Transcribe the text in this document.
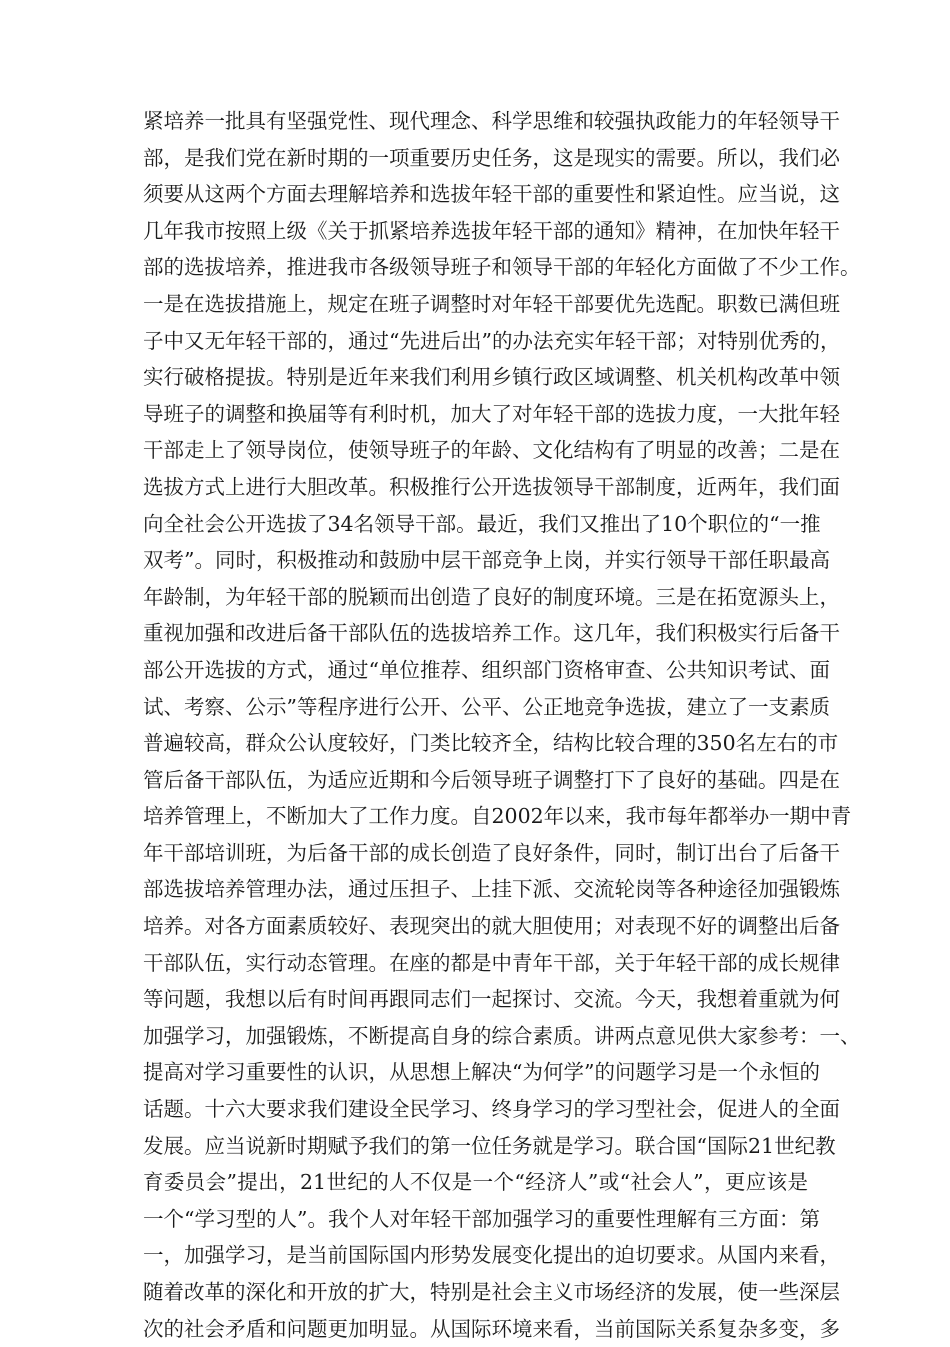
紧培养一批具有坚强党性、现代理念、科学思维和较强执政能力的年轻领导干
部，是我们党在新时期的一项重要历史任务，这是现实的需要。所以，我们必
须要从这两个方面去理解培养和选拔年轻干部的重要性和紧迫性。应当说，这
几年我市按照上级《关于抓紧培养选拔年轻干部的通知》精神，在加快年轻干
部的选拔培养，推进我市各级领导班子和领导干部的年轻化方面做了不少工作。
一是在选拔措施上，规定在班子调整时对年轻干部要优先选配。职数已满但班
子中又无年轻干部的，通过“先进后出”的办法充实年轻干部；对特别优秀的，
实行破格提拔。特别是近年来我们利用乡镇行政区域调整、机关机构改革中领
导班子的调整和换届等有利时机，加大了对年轻干部的选拔力度，一大批年轻
干部走上了领导岗位，使领导班子的年龄、文化结构有了明显的改善；二是在
选拔方式上进行大胆改革。积极推行公开选拔领导干部制度，近两年，我们面
向全社会公开选拔了34名领导干部。最近，我们又推出了10个职位的“一推
双考”。同时，积极推动和鼓励中层干部竞争上岗，并实行领导干部任职最高
年龄制，为年轻干部的脱颖而出创造了良好的制度环境。三是在拓宽源头上，
重视加强和改进后备干部队伍的选拔培养工作。这几年，我们积极实行后备干
部公开选拔的方式，通过“单位推荐、组织部门资格审查、公共知识考试、面
试、考察、公示”等程序进行公开、公平、公正地竞争选拔，建立了一支素质
普遍较高，群众公认度较好，门类比较齐全，结构比较合理的350名左右的市
管后备干部队伍，为适应近期和今后领导班子调整打下了良好的基础。四是在
培养管理上，不断加大了工作力度。自2002年以来，我市每年都举办一期中青
年干部培训班，为后备干部的成长创造了良好条件，同时，制订出台了后备干
部选拔培养管理办法，通过压担子、上挂下派、交流轮岗等各种途径加强锻炼
培养。对各方面素质较好、表现突出的就大胆使用；对表现不好的调整出后备
干部队伍，实行动态管理。在座的都是中青年干部，关于年轻干部的成长规律
等问题，我想以后有时间再跟同志们一起探讨、交流。今天，我想着重就为何
加强学习，加强锻炼，不断提高自身的综合素质。讲两点意见供大家参考：一、
提高对学习重要性的认识，从思想上解决“为何学”的问题学习是一个永恒的
话题。十六大要求我们建设全民学习、终身学习的学习型社会，促进人的全面
发展。应当说新时期赋予我们的第一位任务就是学习。联合国“国际21世纪教
育委员会”提出，21世纪的人不仅是一个“经济人”或“社会人”，更应该是
一个“学习型的人”。我个人对年轻干部加强学习的重要性理解有三方面：第
一，加强学习，是当前国际国内形势发展变化提出的迫切要求。从国内来看，
随着改革的深化和开放的扩大，特别是社会主义市场经济的发展，使一些深层
次的社会矛盾和问题更加明显。从国际环境来看，当前国际关系复杂多变，多
